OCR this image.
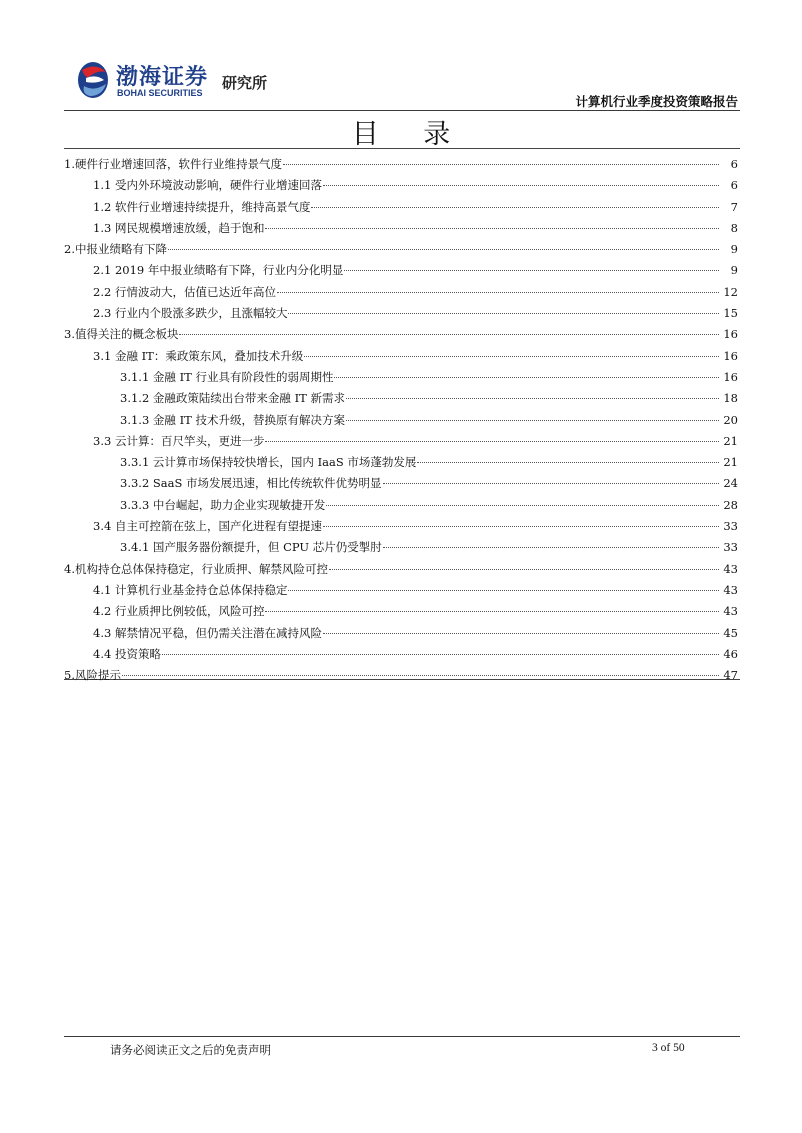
渤海证券
BOHAI SECURITIES
研究所
计算机行业季度投资策略报告
目 录
1.硬件行业增速回落，软件行业维持景气度	6
1.1 受内外环境波动影响，硬件行业增速回落	6
1.2 软件行业增速持续提升，维持高景气度	7
1.3 网民规模增速放缓，趋于饱和	8
2.中报业绩略有下降	9
2.1 2019 年中报业绩略有下降，行业内分化明显	9
2.2 行情波动大，估值已达近年高位	12
2.3 行业内个股涨多跌少，且涨幅较大	15
3.值得关注的概念板块	16
3.1 金融 IT：乘政策东风，叠加技术升级	16
3.1.1 金融 IT 行业具有阶段性的弱周期性	16
3.1.2 金融政策陆续出台带来金融 IT 新需求	18
3.1.3 金融 IT 技术升级，替换原有解决方案	20
3.3 云计算：百尺竿头，更进一步	21
3.3.1 云计算市场保持较快增长，国内 IaaS 市场蓬勃发展	21
3.3.2 SaaS 市场发展迅速，相比传统软件优势明显	24
3.3.3 中台崛起，助力企业实现敏捷开发	28
3.4 自主可控箭在弦上，国产化进程有望提速	33
3.4.1 国产服务器份额提升，但 CPU 芯片仍受掣肘	33
4.机构持仓总体保持稳定，行业质押、解禁风险可控	43
4.1 计算机行业基金持仓总体保持稳定	43
4.2 行业质押比例较低，风险可控	43
4.3 解禁情况平稳，但仍需关注潜在减持风险	45
4.4 投资策略	46
5.风险提示	47
请务必阅读正文之后的免责声明	3 of 50
